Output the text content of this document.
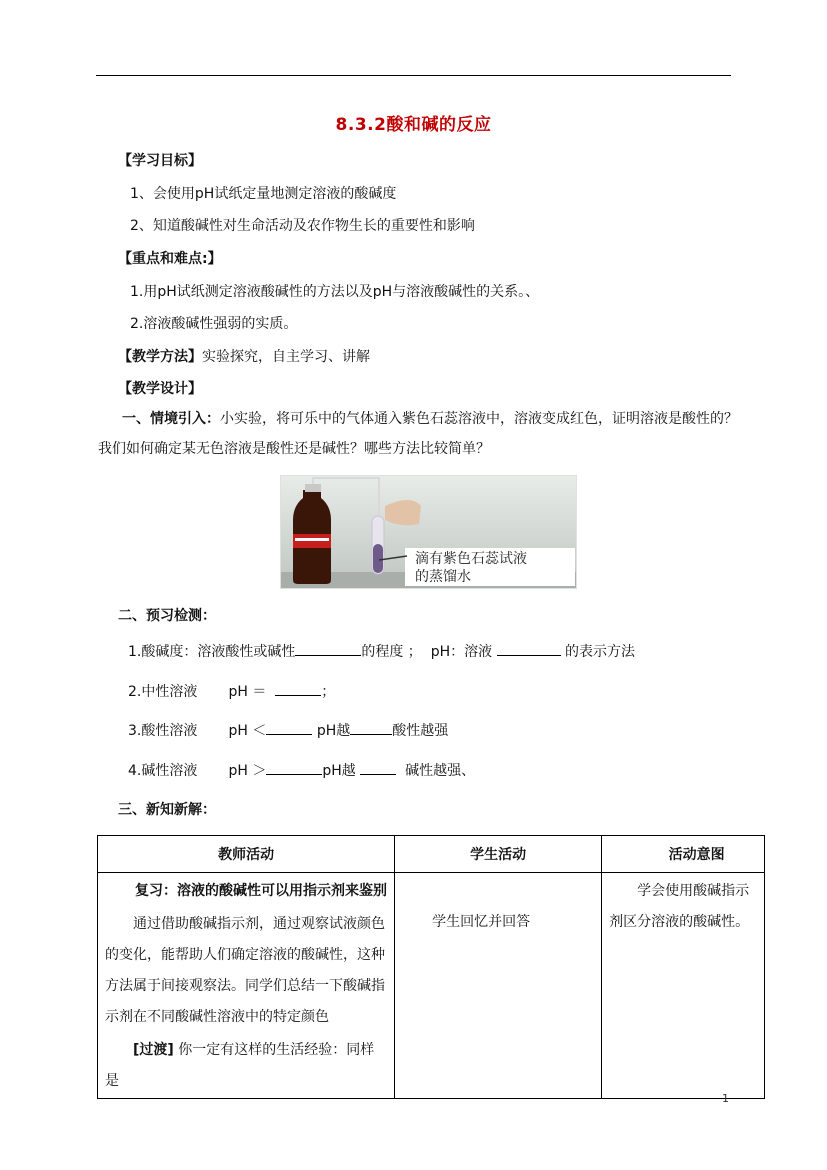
8.3.2酸和碱的反应
【学习目标】
1、会使用pH试纸定量地测定溶液的酸碱度
2、知道酸碱性对生命活动及农作物生长的重要性和影响
【重点和难点:】
1.用pH试纸测定溶液酸碱性的方法以及pH与溶液酸碱性的关系。、
2.溶液酸碱性强弱的实质。
【教学方法】实验探究，自主学习、讲解
【教学设计】
一、情境引入：小实验，将可乐中的气体通入紫色石蕊溶液中，溶液变成红色，证明溶液是酸性的？我们如何确定某无色溶液是酸性还是碱性？哪些方法比较简单？
滴有紫色石蕊试液
的蒸馏水
二、预习检测：
1.酸碱度：溶液酸性或碱性	的程度 ； pH：溶液	的表示方法
2.中性溶液 pH ＝	；
3.酸性溶液 pH ＜	pH越	酸性越强
4.碱性溶液 pH ＞	pH越	碱性越强、
三、新知新解：
教师活动	学生活动	活动意图

复习：溶液的酸碱性可以用指示剂来鉴别
通过借助酸碱指示剂，通过观察试液颜色的变化，能帮助人们确定溶液的酸碱性，这种方法属于间接观察法。同学们总结一下酸碱指示剂在不同酸碱性溶液中的特定颜色
[过渡] 你一定有这样的生活经验：同样是	学生回忆并回答	学会使用酸碱指示剂区分溶液的酸碱性。
1
